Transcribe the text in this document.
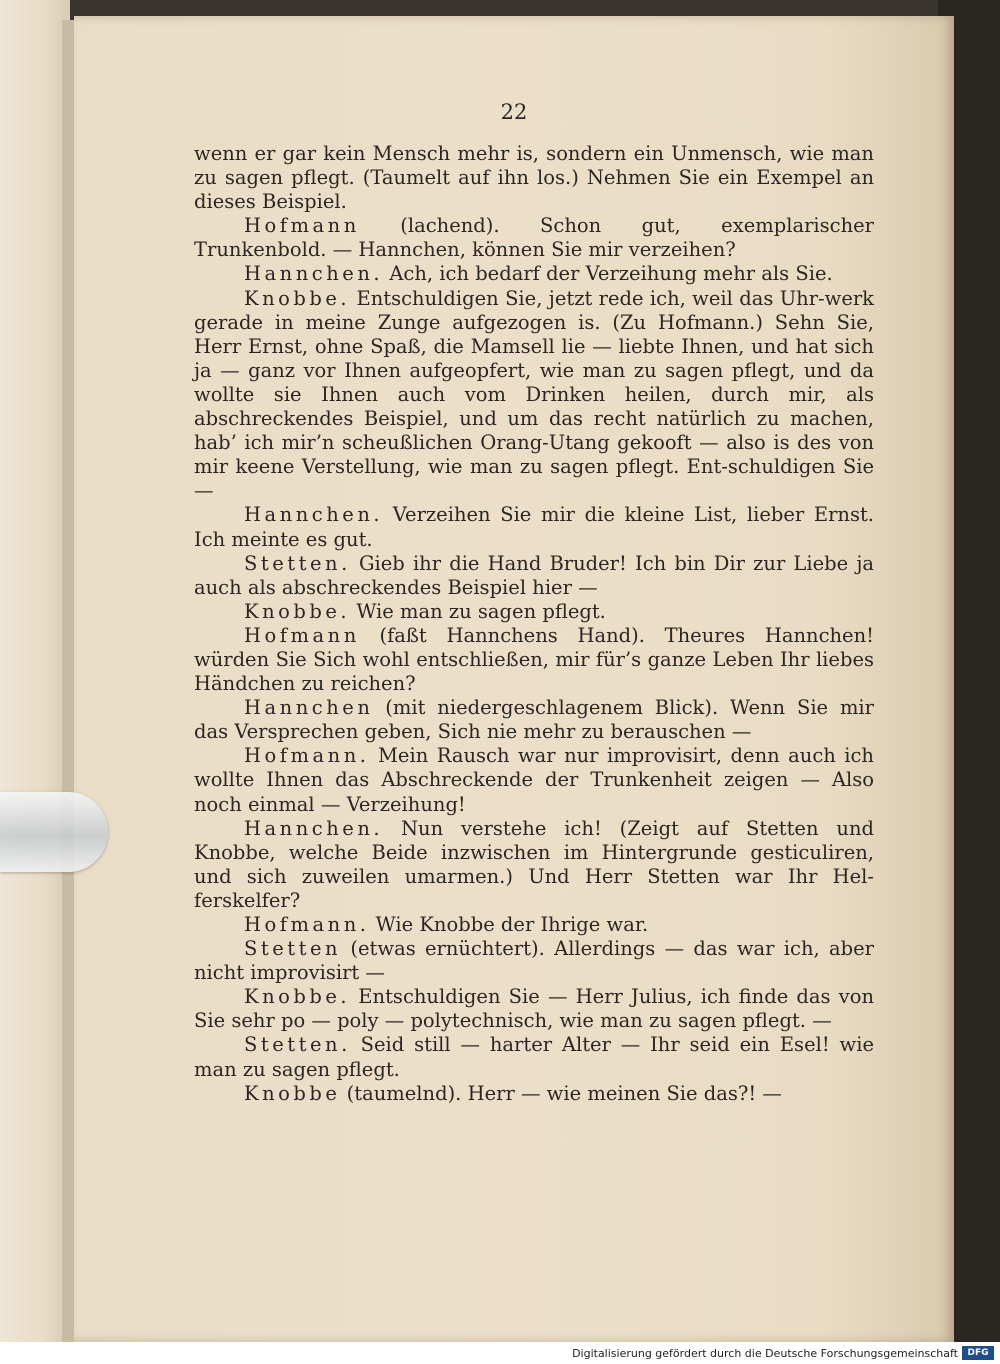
22

wenn er gar kein Mensch mehr is, sondern ein Unmensch, wie man zu sagen pflegt. (Taumelt auf ihn los.) Nehmen Sie ein Exempel an dieses Beispiel.

Hofmann (lachend). Schon gut, exemplarischer Trunkenbold. — Hannchen, können Sie mir verzeihen?

Hannchen. Ach, ich bedarf der Verzeihung mehr als Sie.

Knobbe. Entschuldigen Sie, jetzt rede ich, weil das Uhr-werk gerade in meine Zunge aufgezogen is. (Zu Hofmann.) Sehn Sie, Herr Ernst, ohne Spaß, die Mamsell lie — liebte Ihnen, und hat sich ja — ganz vor Ihnen aufgeopfert, wie man zu sagen pflegt, und da wollte sie Ihnen auch vom Drinken heilen, durch mir, als abschreckendes Beispiel, und um das recht natürlich zu machen, hab’ ich mir’n scheußlichen Orang-Utang gekooft — also is des von mir keene Verstellung, wie man zu sagen pflegt. Ent-schuldigen Sie —

Hannchen. Verzeihen Sie mir die kleine List, lieber Ernst. Ich meinte es gut.

Stetten. Gieb ihr die Hand Bruder! Ich bin Dir zur Liebe ja auch als abschreckendes Beispiel hier —

Knobbe. Wie man zu sagen pflegt.

Hofmann (faßt Hannchens Hand). Theures Hannchen! würden Sie Sich wohl entschließen, mir für’s ganze Leben Ihr liebes Händchen zu reichen?

Hannchen (mit niedergeschlagenem Blick). Wenn Sie mir das Versprechen geben, Sich nie mehr zu berauschen —

Hofmann. Mein Rausch war nur improvisirt, denn auch ich wollte Ihnen das Abschreckende der Trunkenheit zeigen — Also noch einmal — Verzeihung!

Hannchen. Nun verstehe ich! (Zeigt auf Stetten und Knobbe, welche Beide inzwischen im Hintergrunde gesticuliren, und sich zuweilen umarmen.) Und Herr Stetten war Ihr Hel-ferskelfer?

Hofmann. Wie Knobbe der Ihrige war.

Stetten (etwas ernüchtert). Allerdings — das war ich, aber nicht improvisirt —

Knobbe. Entschuldigen Sie — Herr Julius, ich finde das von Sie sehr po — poly — polytechnisch, wie man zu sagen pflegt. —

Stetten. Seid still — harter Alter — Ihr seid ein Esel! wie man zu sagen pflegt.

Knobbe (taumelnd). Herr — wie meinen Sie das?! —

Digitalisierung gefördert durch die Deutsche Forschungsgemeinschaft	DFG
